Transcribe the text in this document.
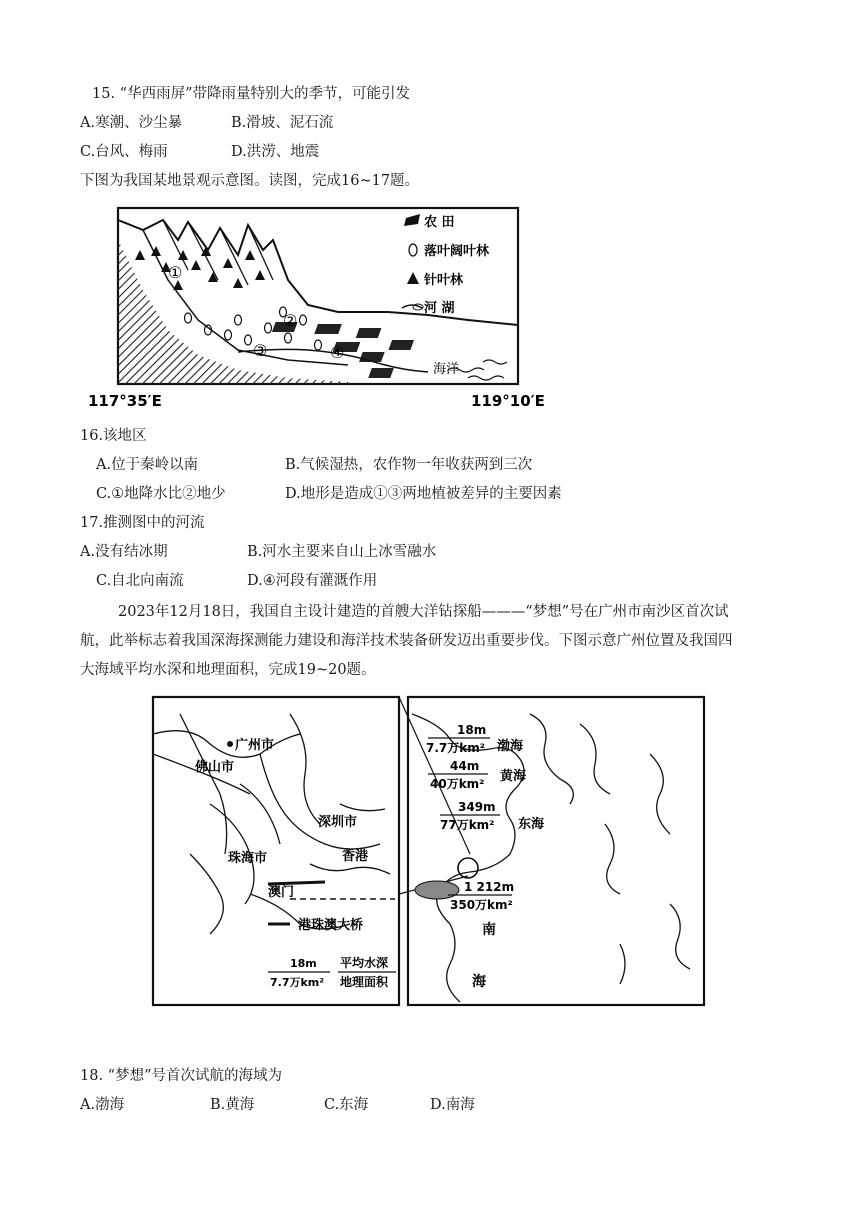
15. “华西雨屏”带降雨量特别大的季节，可能引发
A.寒潮、沙尘暴	B.滑坡、泥石流
C.台风、梅雨	D.洪涝、地震
下图为我国某地景观示意图。读图，完成16~17题。
海洋
①
②
③	④
农 田
落叶阔叶林
针叶林
河 湖
117°35′E	119°10′E
16.该地区
A.位于秦岭以南	B.气候湿热，农作物一年收获两到三次
C.①地降水比②地少	D.地形是造成①③两地植被差异的主要因素
17.推测图中的河流
A.没有结冰期	B.河水主要来自山上冰雪融水
C.自北向南流	D.④河段有灌溉作用
2023年12月18日，我国自主设计建造的首艘大洋钻探船———“梦想”号在广州市南沙区首次试
航，此举标志着我国深海探测能力建设和海洋技术装备研发迈出重要步伐。下图示意广州位置及我国四
大海域平均水深和地理面积，完成19~20题。
广州市
佛山市
深圳市
珠海市	香港
澳门
港珠澳大桥
18m
7.7万km²
平均水深
地理面积
18m
7.7万km² 渤海
44m
40万km² 黄海
349m
77万km² 东海
1 212m
350万km²
南
海
18. “梦想”号首次试航的海域为
A.渤海	B.黄海	C.东海	D.南海
